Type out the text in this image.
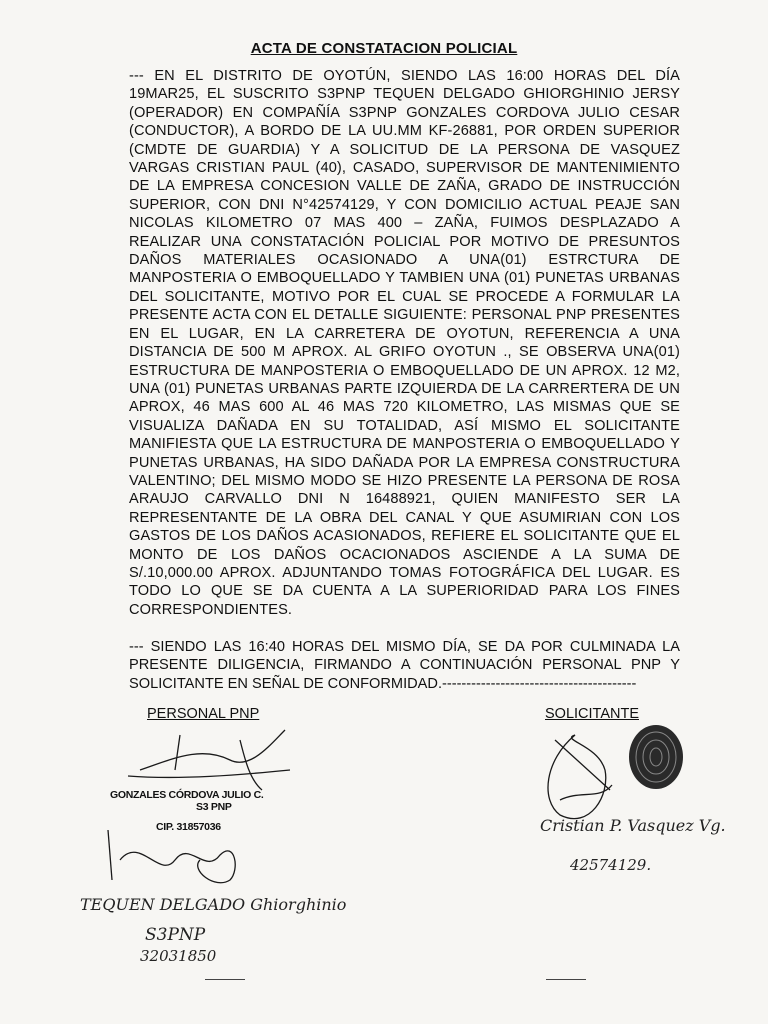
ACTA DE CONSTATACION POLICIAL
--- EN EL DISTRITO DE OYOTÚN, SIENDO LAS 16:00 HORAS DEL DÍA 19MAR25, EL SUSCRITO S3PNP TEQUEN DELGADO GHIORGHINIO JERSY (OPERADOR) EN COMPAÑÍA S3PNP GONZALES CORDOVA JULIO CESAR (CONDUCTOR), A BORDO DE LA UU.MM KF-26881, POR ORDEN SUPERIOR (CMDTE DE GUARDIA) Y A SOLICITUD DE LA PERSONA DE VASQUEZ VARGAS CRISTIAN PAUL (40), CASADO, SUPERVISOR DE MANTENIMIENTO DE LA EMPRESA CONCESION VALLE DE ZAÑA, GRADO DE INSTRUCCIÓN SUPERIOR, CON DNI N°42574129, Y CON DOMICILIO ACTUAL PEAJE SAN NICOLAS KILOMETRO 07 MAS 400 – ZAÑA, FUIMOS DESPLAZADO A REALIZAR UNA CONSTATACIÓN POLICIAL POR MOTIVO DE PRESUNTOS DAÑOS MATERIALES OCASIONADO A UNA(01) ESTRCTURA DE MANPOSTERIA O EMBOQUELLADO Y TAMBIEN UNA (01) PUNETAS URBANAS DEL SOLICITANTE, MOTIVO POR EL CUAL SE PROCEDE A FORMULAR LA PRESENTE ACTA CON EL DETALLE SIGUIENTE: PERSONAL PNP PRESENTES EN EL LUGAR, EN LA CARRETERA DE OYOTUN, REFERENCIA A UNA DISTANCIA DE 500 M APROX. AL GRIFO OYOTUN ., SE OBSERVA UNA(01) ESTRUCTURA DE MANPOSTERIA O EMBOQUELLADO DE UN APROX. 12 M2, UNA (01) PUNETAS URBANAS PARTE IZQUIERDA DE LA CARRERTERA DE UN APROX, 46 MAS 600 AL 46 MAS 720 KILOMETRO, LAS MISMAS QUE SE VISUALIZA DAÑADA EN SU TOTALIDAD, ASÍ MISMO EL SOLICITANTE MANIFIESTA QUE LA ESTRUCTURA DE MANPOSTERIA O EMBOQUELLADO Y PUNETAS URBANAS, HA SIDO DAÑADA POR LA EMPRESA CONSTRUCTURA VALENTINO; DEL MISMO MODO SE HIZO PRESENTE LA PERSONA DE ROSA ARAUJO CARVALLO DNI N 16488921, QUIEN MANIFESTO SER LA REPRESENTANTE DE LA OBRA DEL CANAL Y QUE ASUMIRIAN CON LOS GASTOS DE LOS DAÑOS ACASIONADOS, REFIERE EL SOLICITANTE QUE EL MONTO DE LOS DAÑOS OCACIONADOS ASCIENDE A LA SUMA DE S/.10,000.00 APROX. ADJUNTANDO TOMAS FOTOGRÁFICA DEL LUGAR. ES TODO LO QUE SE DA CUENTA A LA SUPERIORIDAD PARA LOS FINES CORRESPONDIENTES.
--- SIENDO LAS 16:40 HORAS DEL MISMO DÍA, SE DA POR CULMINADA LA PRESENTE DILIGENCIA, FIRMANDO A CONTINUACIÓN PERSONAL PNP Y SOLICITANTE EN SEÑAL DE CONFORMIDAD.----------------------------------------
PERSONAL PNP	SOLICITANTE
GONZALES CÓRDOVA JULIO C.
S3 PNP
CIP. 31857036
TEQUEN DELGADO Ghiorghinio
S3PNP
32031850
Cristian P. Vasquez Vg.
42574129.
